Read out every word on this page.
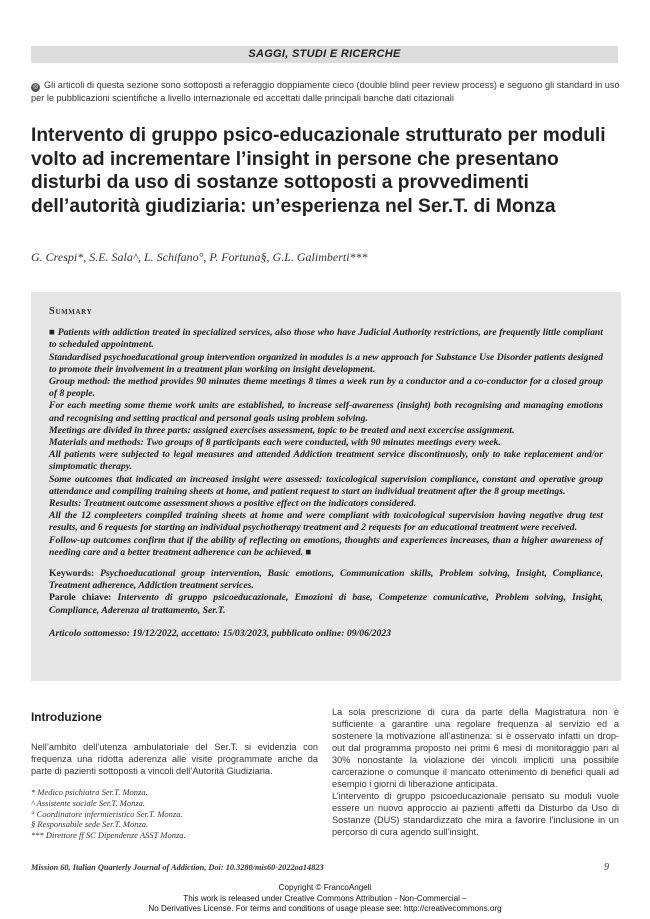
SAGGI, STUDI E RICERCHE
◎ Gli articoli di questa sezione sono sottoposti a referaggio doppiamente cieco (double blind peer review process) e seguono gli standard in uso per le pubblicazioni scientifiche a livello internazionale ed accettati dalle principali banche dati citazionali
Intervento di gruppo psico-educazionale strutturato per moduli volto ad incrementare l’insight in persone che presentano disturbi da uso di sostanze sottoposti a provvedimenti dell’autorità giudiziaria: un’esperienza nel Ser.T. di Monza
G. Crespi*, S.E. Sala^, L. Schifano°, P. Fortuna§, G.L. Galimberti***
Summary

■ Patients with addiction treated in specialized services, also those who have Judicial Authority restrictions, are frequently little compliant to scheduled appointment.

Standardised psychoeducational group intervention organized in modules is a new approach for Substance Use Disorder patients designed to promote their involvement in a treatment plan working on insight development.

Group method: the method provides 90 minutes theme meetings 8 times a week run by a conductor and a co-conductor for a closed group of 8 people.

For each meeting some theme work units are established, to increase self-awareness (insight) both recognising and managing emotions and recognising and setting practical and personal goals using problem solving.

Meetings are divided in three parts: assigned exercises assessment, topic to be treated and next excercise assignment.

Materials and methods: Two groups of 8 participants each were conducted, with 90 minutes meetings every week.

All patients were subjected to legal measures and attended Addiction treatment service discontinuosly, only to take replacement and/or simptomatic therapy.

Some outcomes that indicated an increased insight were assessed: toxicological supervision compliance, constant and operative group attendance and compiling training sheets at home, and patient request to start an individual treatment after the 8 group meetings.

Results: Treatment outcome assessment shows a positive effect on the indicators considered.

All the 12 compleeters compiled training sheets at home and were compliant with toxicological supervision having negative drug test results, and 6 requests for starting an individual psychotherapy treatment and 2 requests for an educational treatment were received.

Follow-up outcomes confirm that if the ability of reflecting on emotions, thoughts and experiences increases, than a higher awareness of needing care and a better treatment adherence can be achieved. ■

Keywords: Psychoeducational group intervention, Basic emotions, Communication skills, Problem solving, Insight, Compliance, Treatment adherence, Addiction treatment services.

Parole chiave: Intervento di gruppo psicoeducazionale, Emozioni di base, Competenze comunicative, Problem solving, Insight, Compliance, Aderenza al trattamento, Ser.T.

Articolo sottomesso: 19/12/2022, accettato: 15/03/2023, pubblicato online: 09/06/2023
Introduzione

Nell’ambito dell’utenza ambulatoriale del Ser.T. si evidenzia con frequenza una ridotta aderenza alle visite programmate anche da parte di pazienti sottoposti a vincoli dell’Autorità Giudiziaria.

* Medico psichiatra Ser.T. Monza.
^ Assistente sociale Ser.T. Monza.
° Coordinatore infermieristico Ser.T. Monza.
§ Responsabile sede Ser.T. Monza.
*** Direttore ff SC Dipendenze ASST Monza.

La sola prescrizione di cura da parte della Magistratura non è sufficiente a garantire una regolare frequenza al servizio ed a sostenere la motivazione all’astinenza: si è osservato infatti un drop-out dal programma proposto nei primi 6 mesi di monitoraggio pari al 30% nonostante la violazione dei vincoli impliciti una possibile carcerazione o comunque il mancato ottenimento di benefici quali ad esempio i giorni di liberazione anticipata.

L’intervento di gruppo psicoeducazionale pensato su moduli vuole essere un nuovo approccio ai pazienti affetti da Disturbo da Uso di Sostanze (DUS) standardizzato che mira a favorire l’inclusione in un percorso di cura agendo sull’insight.

Mission 60, Italian Quarterly Journal of Addiction, Doi: 10.3280/mis60-2022oa14823	9
Copyright © FrancoAngeli
This work is released under Creative Commons Attribution - Non-Commercial –
No Derivatives License. For terms and conditions of usage please see: http://creativecommons.org
